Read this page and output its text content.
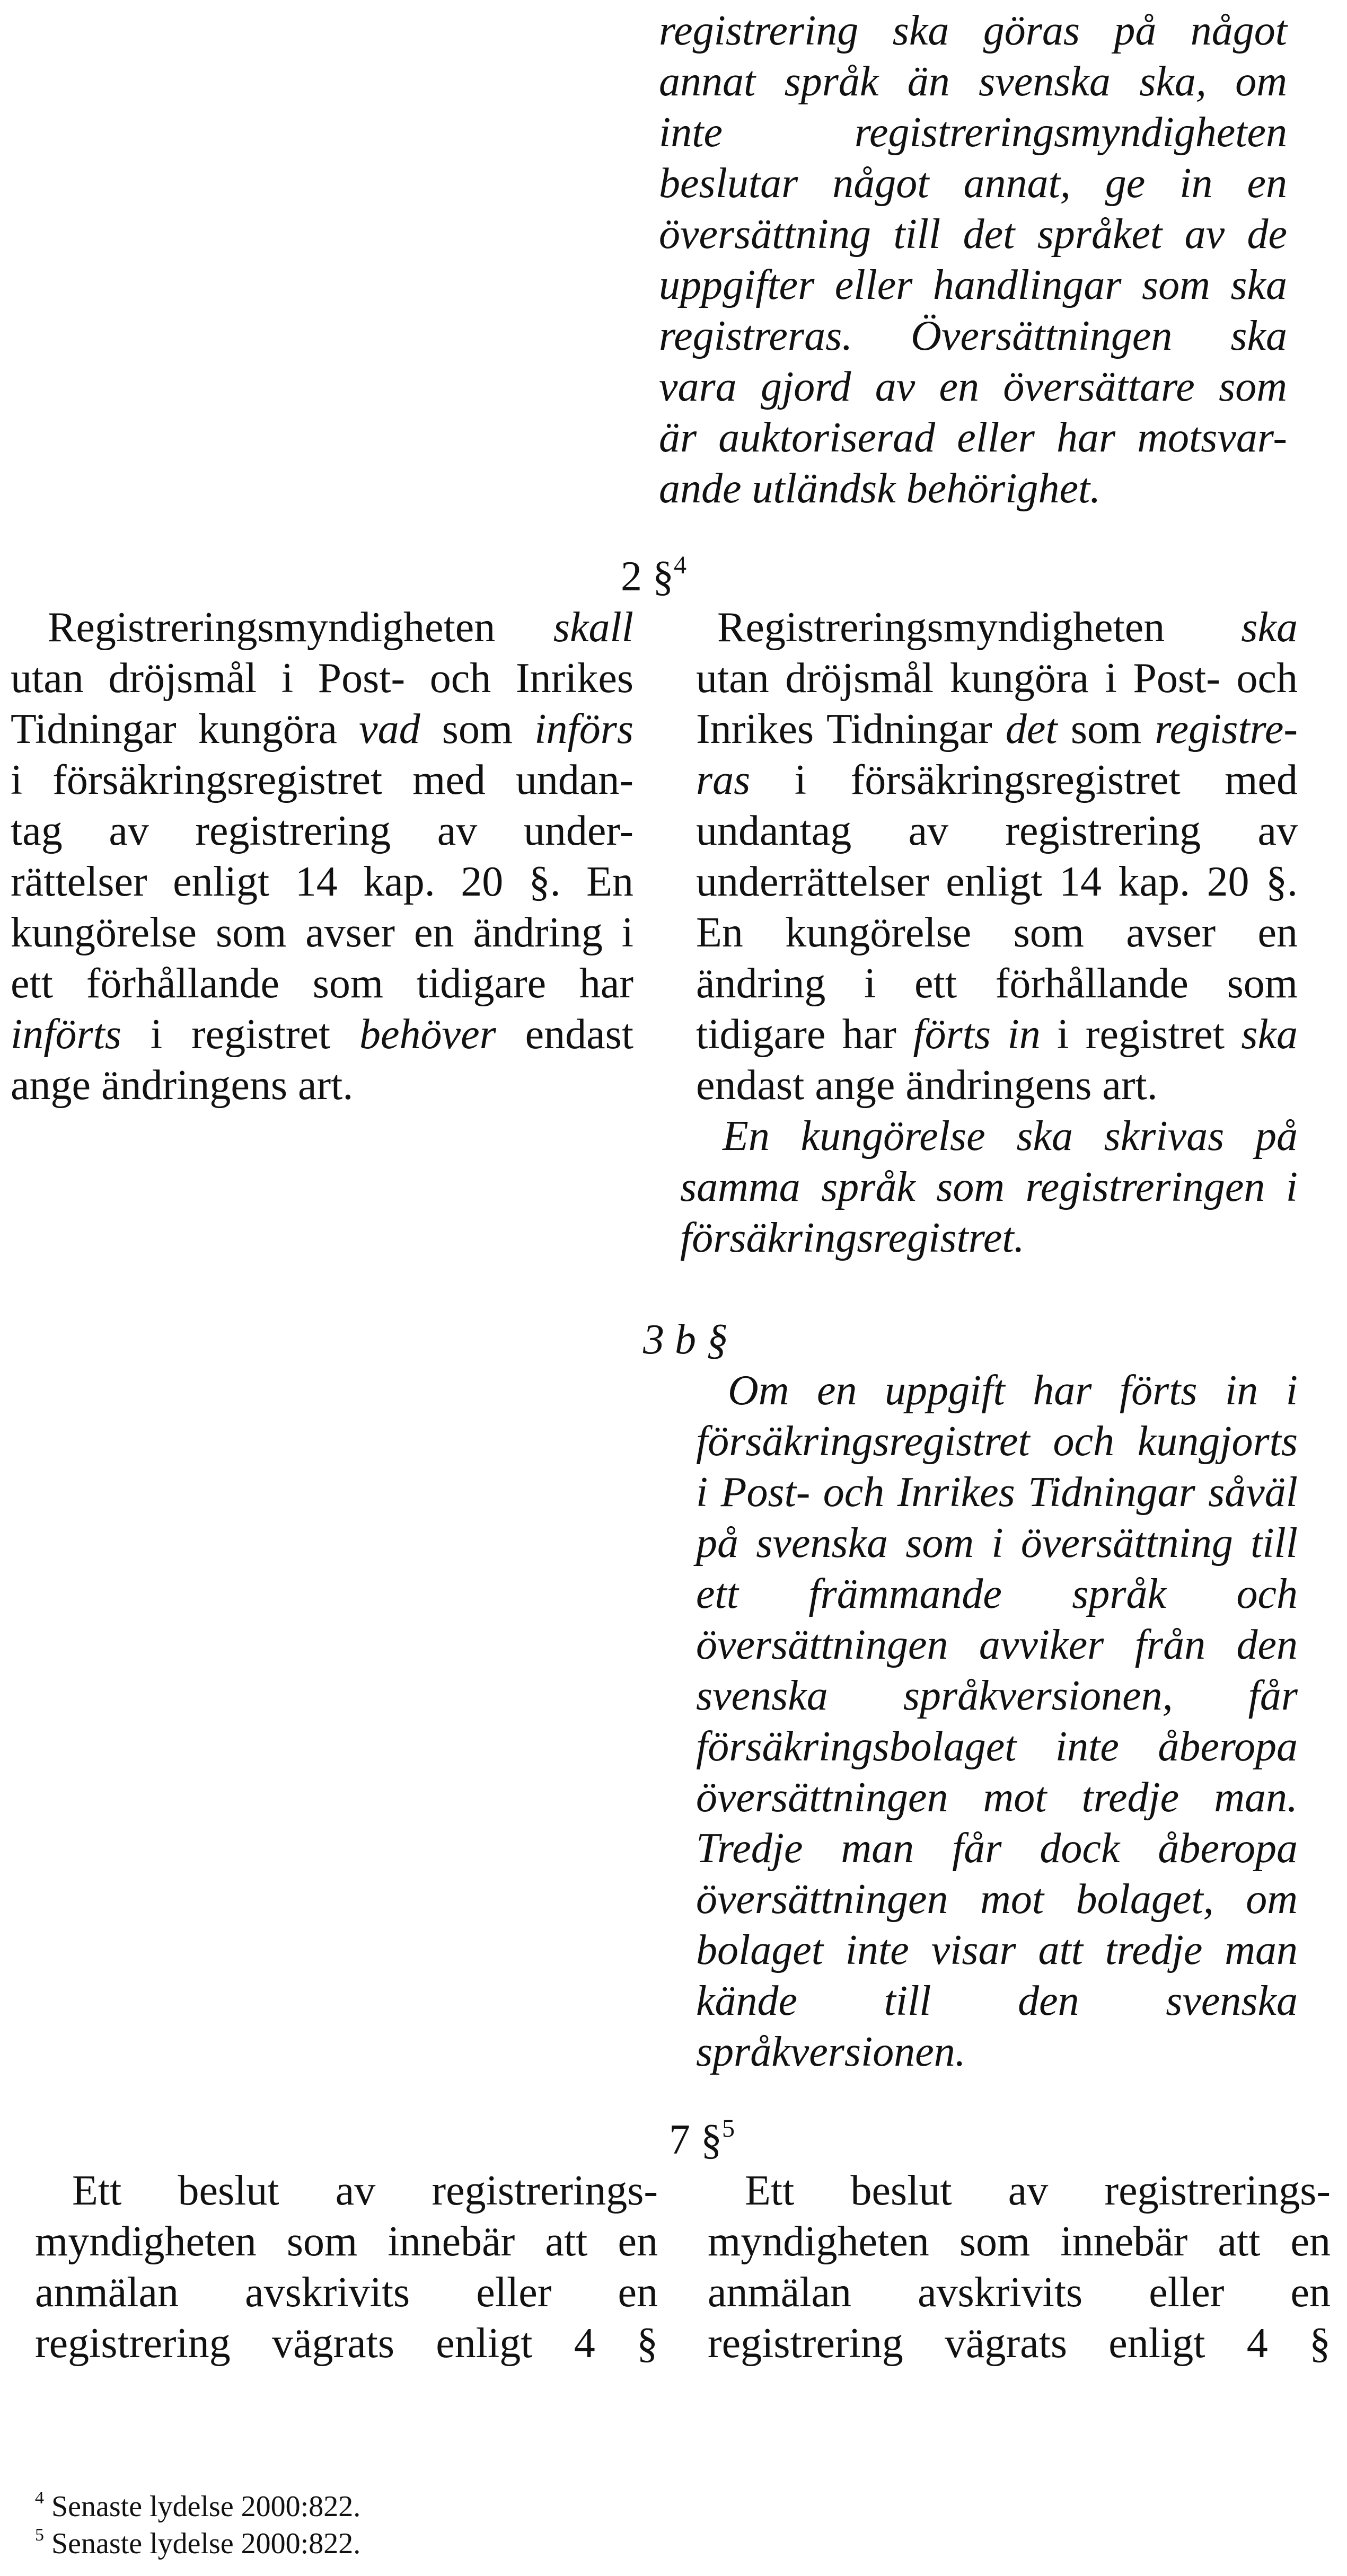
registrering ska göras på något
annat språk än svenska ska, om
inte registreringsmyndigheten
beslutar något annat, ge in en
översättning till det språket av de
uppgifter eller handlingar som ska
registreras. Översättningen ska
vara gjord av en översättare som
är auktoriserad eller har motsvar-
ande utländsk behörighet.
2 §$^4$
Registreringsmyndigheten skall
utan dröjsmål i Post- och Inrikes
Tidningar kungöra vad som införs
i försäkringsregistret med undan-
tag av registrering av under-
rättelser enligt 14 kap. 20 §. En
kungörelse som avser en ändring i
ett förhållande som tidigare har
införts i registret behöver endast
ange ändringens art.
Registreringsmyndigheten ska
utan dröjsmål kungöra i Post- och
Inrikes Tidningar det som registre-
ras i försäkringsregistret med
undantag av registrering av
underrättelser enligt 14 kap. 20 §.
En kungörelse som avser en
ändring i ett förhållande som
tidigare har förts in i registret ska
endast ange ändringens art.
En kungörelse ska skrivas på
samma språk som registreringen i
försäkringsregistret.
3 b §
Om en uppgift har förts in i
försäkringsregistret och kungjorts
i Post- och Inrikes Tidningar såväl
på svenska som i översättning till
ett främmande språk och
översättningen avviker från den
svenska språkversionen, får
försäkringsbolaget inte åberopa
översättningen mot tredje man.
Tredje man får dock åberopa
översättningen mot bolaget, om
bolaget inte visar att tredje man
kände till den svenska
språkversionen.
7 §$^5$
Ett beslut av registrerings-
myndigheten som innebär att en
anmälan avskrivits eller en
registrering vägrats enligt 4 §
Ett beslut av registrerings-
myndigheten som innebär att en
anmälan avskrivits eller en
registrering vägrats enligt 4 §
$^4$ Senaste lydelse 2000:822.
$^5$ Senaste lydelse 2000:822.
